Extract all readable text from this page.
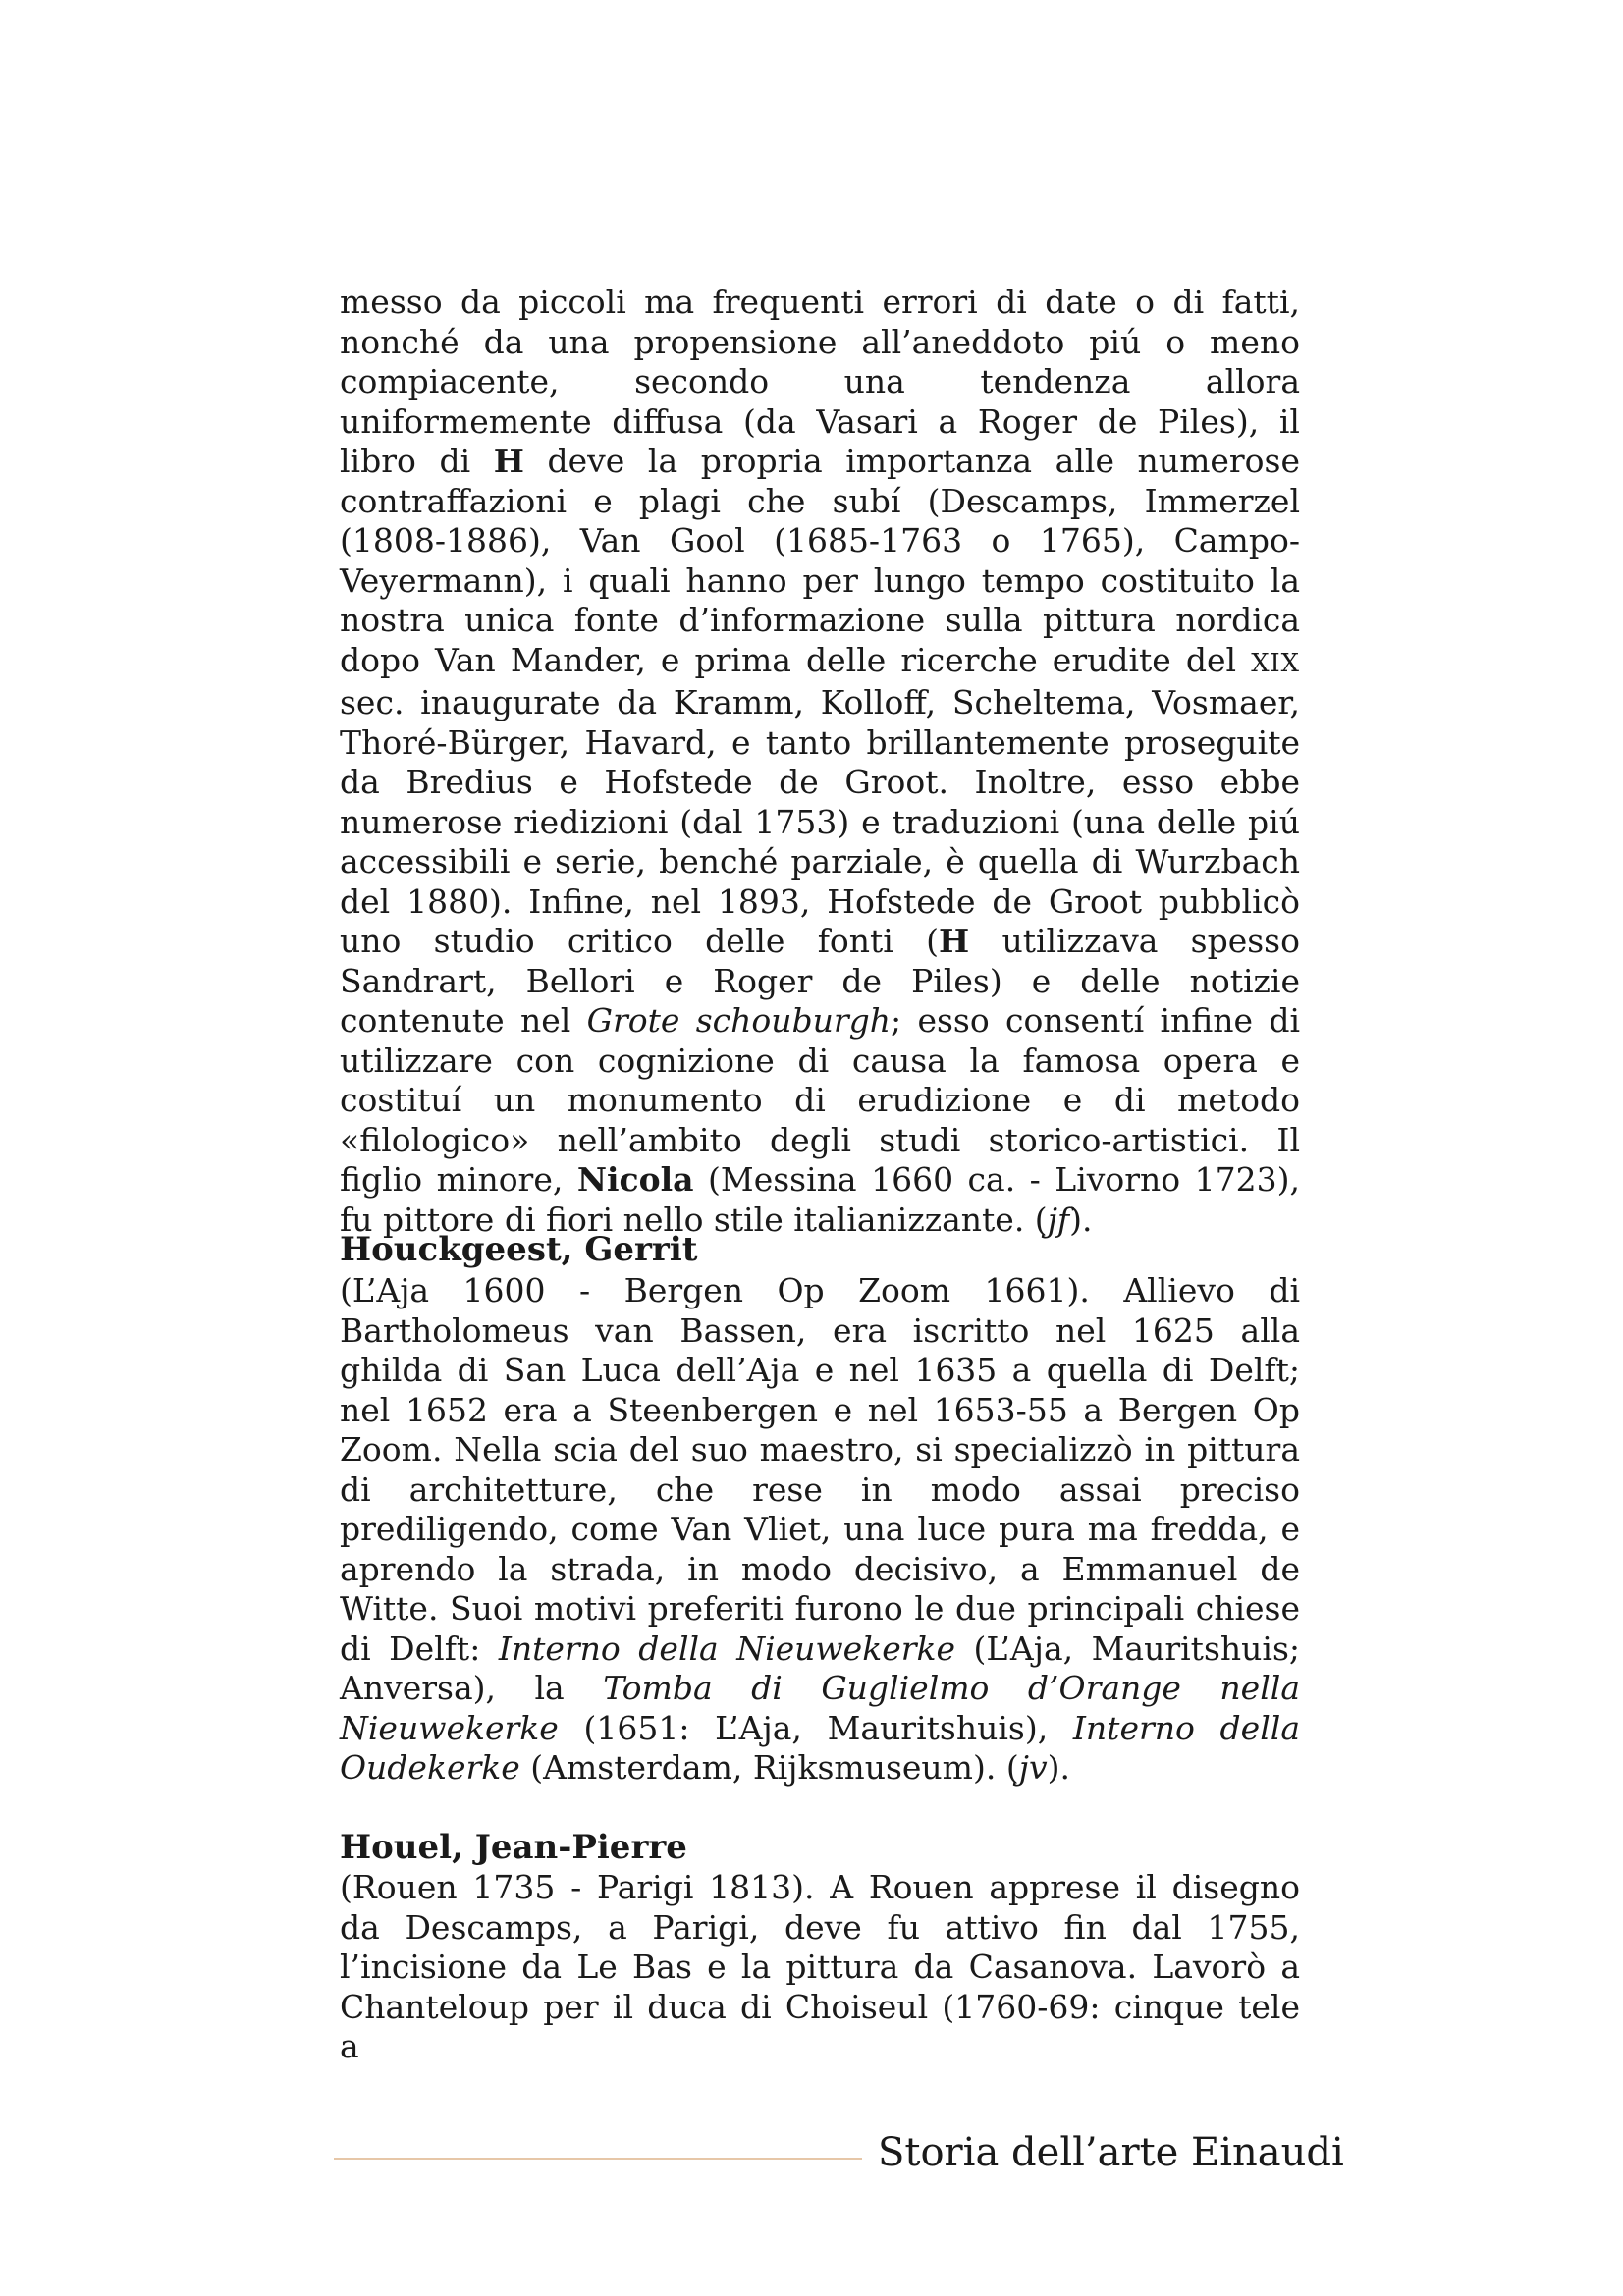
messo da piccoli ma frequenti errori di date o di fatti, nonché da una propensione all’aneddoto piú o meno compiacente, secondo una tendenza allora uniformemente diffusa (da Vasari a Roger de Piles), il libro di H deve la propria importanza alle numerose contraffazioni e plagi che subí (Descamps, Immerzel (1808-1886), Van Gool (1685-1763 o 1765), Campo-Veyermann), i quali hanno per lungo tempo costituito la nostra unica fonte d’informazione sulla pittura nordica dopo Van Mander, e prima delle ricerche erudite del XIX sec. inaugurate da Kramm, Kolloff, Scheltema, Vosmaer, Thoré-Bürger, Havard, e tanto brillantemente proseguite da Bredius e Hofstede de Groot. Inoltre, esso ebbe numerose riedizioni (dal 1753) e traduzioni (una delle piú accessibili e serie, benché parziale, è quella di Wurzbach del 1880). Infine, nel 1893, Hofstede de Groot pubblicò uno studio critico delle fonti (H utilizzava spesso Sandrart, Bellori e Roger de Piles) e delle notizie contenute nel Grote schouburgh; esso consentí infine di utilizzare con cognizione di causa la famosa opera e costituí un monumento di erudizione e di metodo «filologico» nell’ambito degli studi storico-artistici. Il figlio minore, Nicola (Messina 1660 ca. - Livorno 1723), fu pittore di fiori nello stile italianizzante. (jf).

Houckgeest, Gerrit

(L’Aja 1600 - Bergen Op Zoom 1661). Allievo di Bartholomeus van Bassen, era iscritto nel 1625 alla ghilda di San Luca dell’Aja e nel 1635 a quella di Delft; nel 1652 era a Steenbergen e nel 1653-55 a Bergen Op Zoom. Nella scia del suo maestro, si specializzò in pittura di architetture, che rese in modo assai preciso prediligendo, come Van Vliet, una luce pura ma fredda, e aprendo la strada, in modo decisivo, a Emmanuel de Witte. Suoi motivi preferiti furono le due principali chiese di Delft: Interno della Nieuwekerke (L’Aja, Mauritshuis; Anversa), la Tomba di Guglielmo d’Orange nella Nieuwekerke (1651: L’Aja, Mauritshuis), Interno della Oudekerke (Amsterdam, Rijksmuseum). (jv).

Houel, Jean-Pierre

(Rouen 1735 - Parigi 1813). A Rouen apprese il disegno da Descamps, a Parigi, deve fu attivo fin dal 1755, l’incisione da Le Bas e la pittura da Casanova. Lavorò a Chanteloup per il duca di Choiseul (1760-69: cinque tele a

Storia dell’arte Einaudi
